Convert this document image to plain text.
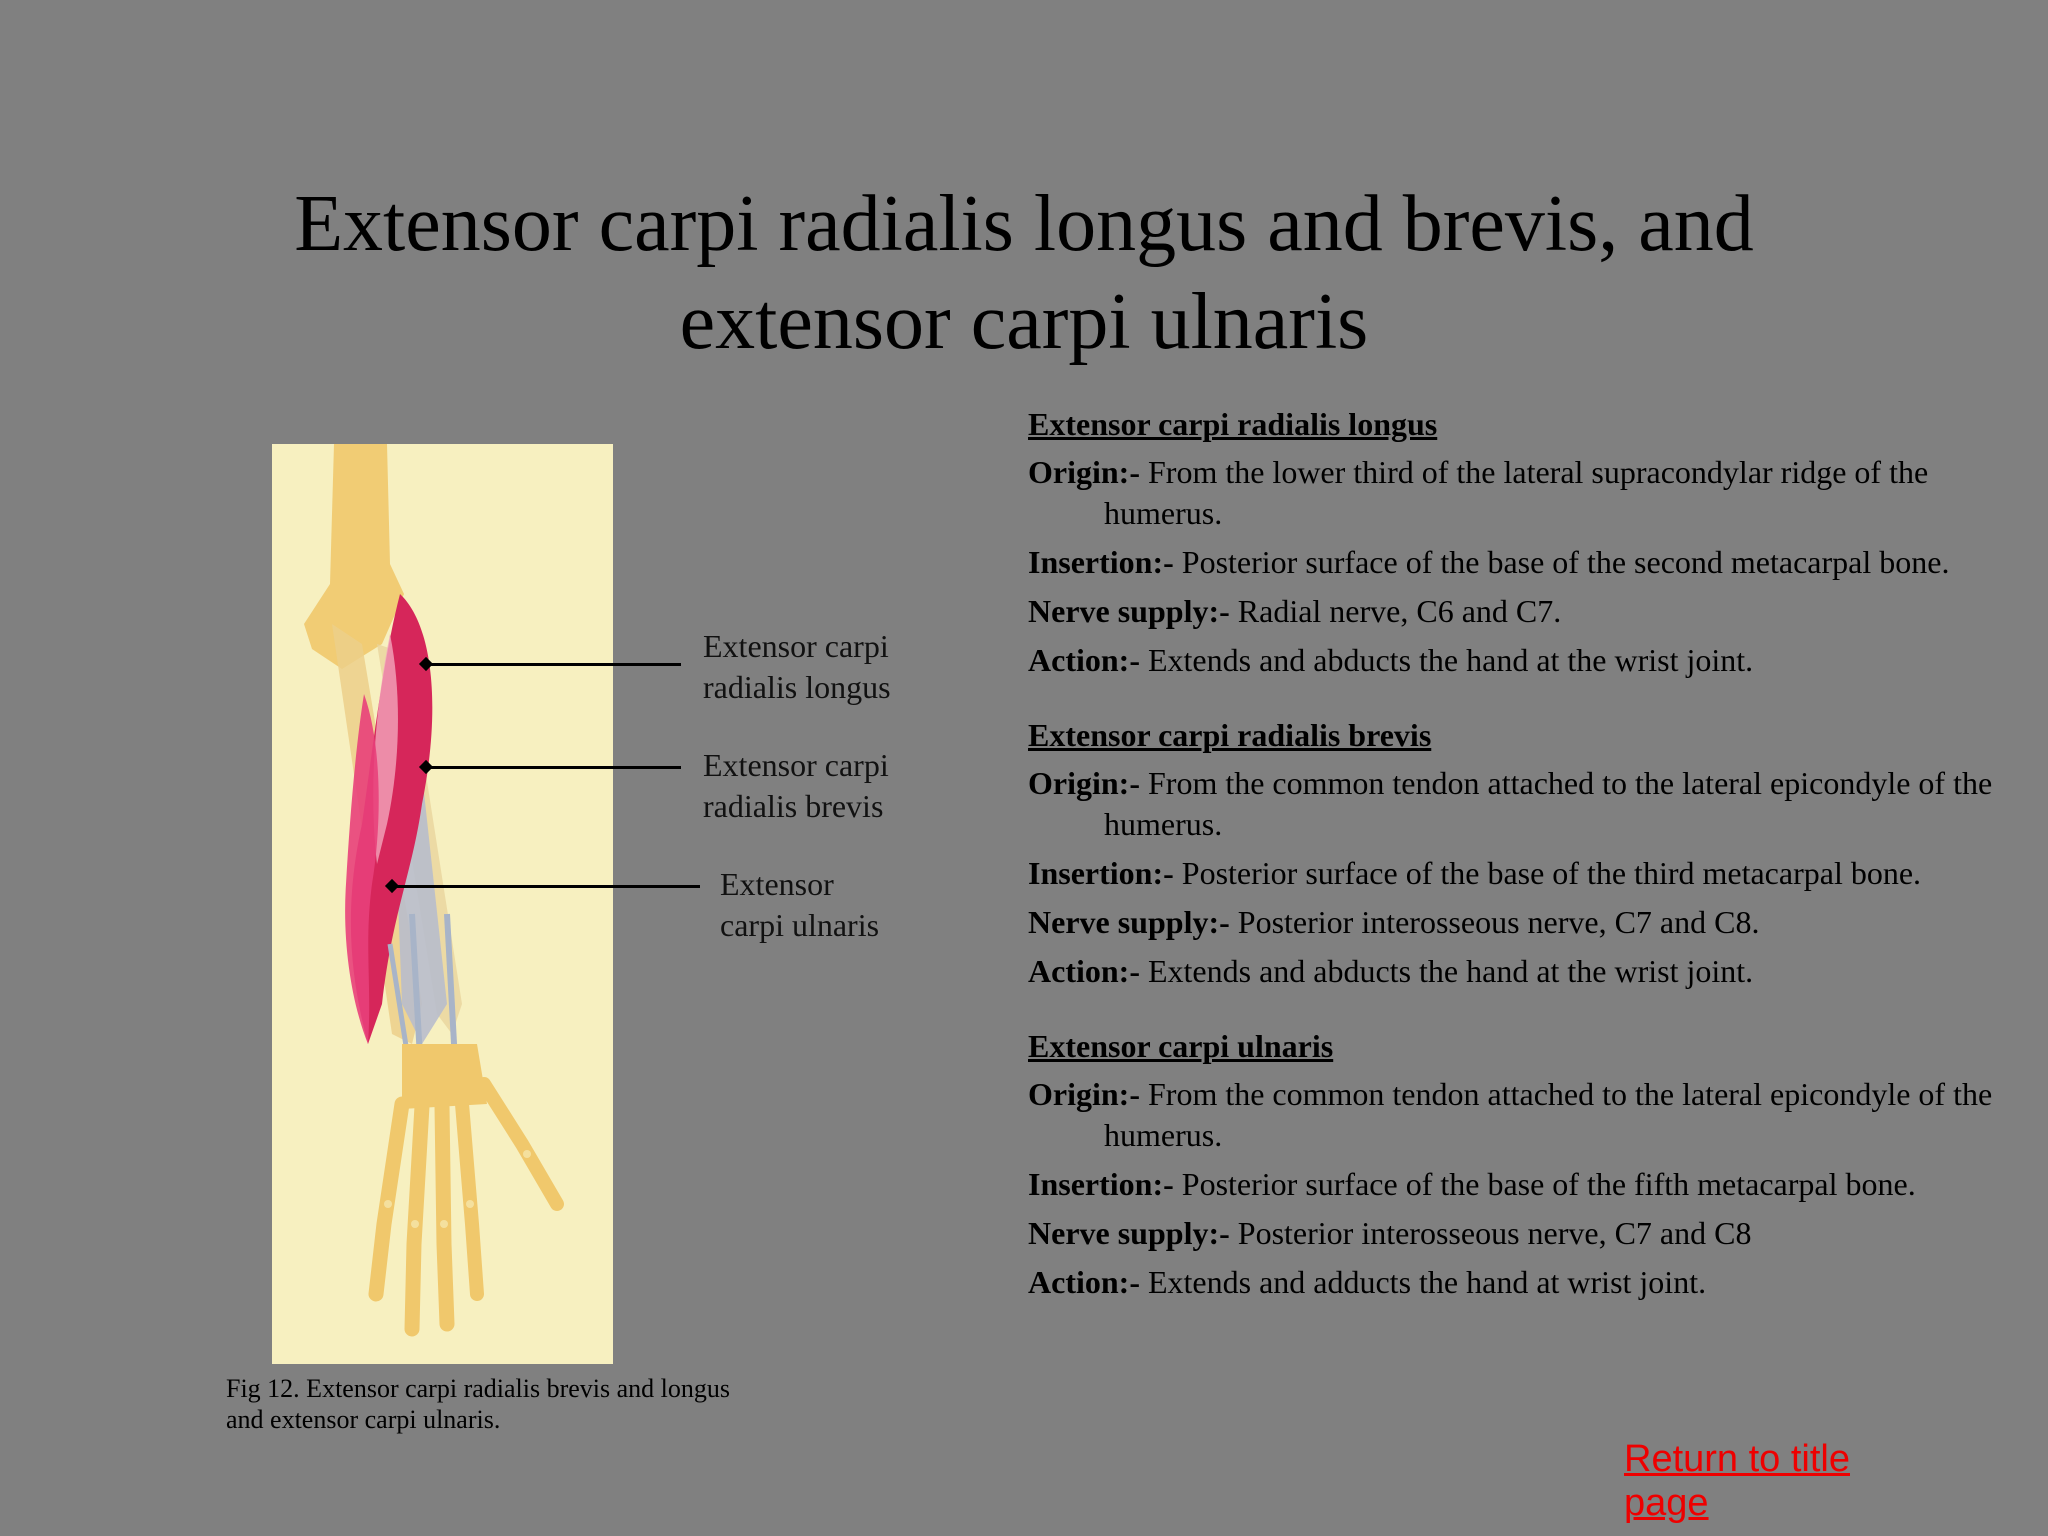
Extensor carpi radialis longus and brevis, and
extensor carpi ulnaris
Extensor carpi
radialis longus
Extensor carpi
radialis brevis
Extensor
carpi ulnaris
Fig 12. Extensor carpi radialis brevis and longus and extensor carpi ulnaris.
Extensor carpi radialis longus

Origin:- From the lower third of the lateral supracondylar ridge of the humerus.

Insertion:- Posterior surface of the base of the second metacarpal bone.

Nerve supply:- Radial nerve, C6 and C7.

Action:- Extends and abducts the hand at the wrist joint.

Extensor carpi radialis brevis

Origin:- From the common tendon attached to the lateral epicondyle of the humerus.

Insertion:- Posterior surface of the base of the third metacarpal bone.

Nerve supply:- Posterior interosseous nerve, C7 and C8.

Action:- Extends and abducts the hand at the wrist joint.

Extensor carpi ulnaris

Origin:- From the common tendon attached to the lateral epicondyle of the humerus.

Insertion:- Posterior surface of the base of the fifth metacarpal bone.

Nerve supply:- Posterior interosseous nerve, C7 and C8

Action:- Extends and adducts the hand at wrist joint.

Return to title
page
